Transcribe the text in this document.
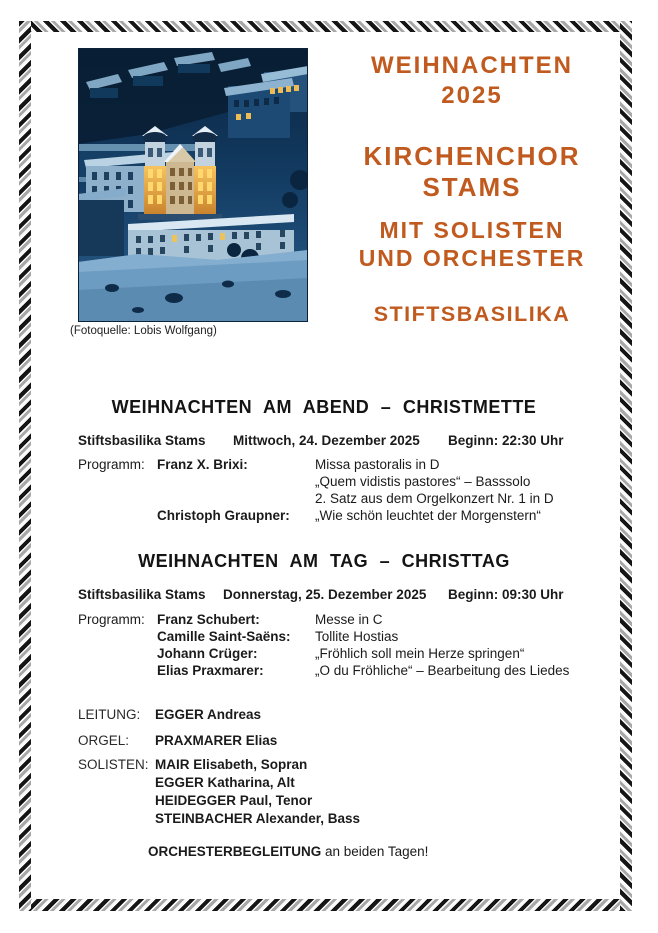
(Fotoquelle: Lobis Wolfgang)
WEIHNACHTEN
2025
KIRCHENCHOR
STAMS
MIT SOLISTEN
UND ORCHESTER
STIFTSBASILIKA
WEIHNACHTEN AM ABEND – CHRISTMETTE
Stiftsbasilika Stams Mittwoch, 24. Dezember 2025 Beginn: 22:30 Uhr
Programm: Franz X. Brixi:	Missa pastoralis in D
„Quem vidistis pastores“ – Basssolo
2. Satz aus dem Orgelkonzert Nr. 1 in D
Christoph Graupner:	„Wie schön leuchtet der Morgenstern“
WEIHNACHTEN AM TAG – CHRISTTAG
Stiftsbasilika Stams Donnerstag, 25. Dezember 2025 Beginn: 09:30 Uhr
Programm: Franz Schubert:	Messe in C
Camille Saint-Saëns:	Tollite Hostias
Johann Crüger:	„Fröhlich soll mein Herze springen“
Elias Praxmarer:	„O du Fröhliche“ – Bearbeitung des Liedes
LEITUNG:	EGGER Andreas
ORGEL:	PRAXMARER Elias
SOLISTEN: MAIR Elisabeth, Sopran
EGGER Katharina, Alt
HEIDEGGER Paul, Tenor
STEINBACHER Alexander, Bass
ORCHESTERBEGLEITUNG an beiden Tagen!
